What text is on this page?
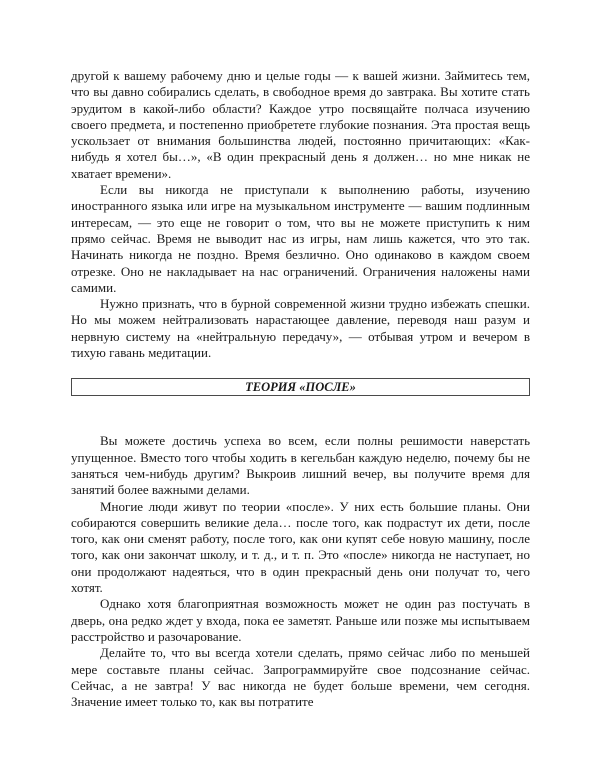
другой к вашему рабочему дню и целые годы — к вашей жизни. Займитесь тем, что вы давно собирались сделать, в свободное время до завтрака. Вы хотите стать эрудитом в какой-либо области? Каждое утро посвящайте полчаса изучению своего предмета, и постепенно приобретете глубокие познания. Эта простая вещь ускользает от внимания большинства людей, постоянно причитающих: «Как-нибудь я хотел бы…», «В один прекрасный день я должен… но мне никак не хватает времени».

Если вы никогда не приступали к выполнению работы, изучению иностранного языка или игре на музыкальном инструменте — вашим подлинным интересам, — это еще не говорит о том, что вы не можете приступить к ним прямо сейчас. Время не выводит нас из игры, нам лишь кажется, что это так. Начинать никогда не поздно. Время безлично. Оно одинаково в каждом своем отрезке. Оно не накладывает на нас ограничений. Ограничения наложены нами самими.

Нужно признать, что в бурной современной жизни трудно избежать спешки. Но мы можем нейтрализовать нарастающее давление, переводя наш разум и нервную систему на «нейтральную передачу», — отбывая утром и вечером в тихую гавань медитации.

ТЕОРИЯ «ПОСЛЕ»

Вы можете достичь успеха во всем, если полны решимости наверстать упущенное. Вместо того чтобы ходить в кегельбан каждую неделю, почему бы не заняться чем-нибудь другим? Выкроив лишний вечер, вы получите время для занятий более важными делами.

Многие люди живут по теории «после». У них есть большие планы. Они собираются совершить великие дела… после того, как подрастут их дети, после того, как они сменят работу, после того, как они купят себе новую машину, после того, как они закончат школу, и т. д., и т. п. Это «после» никогда не наступает, но они продолжают надеяться, что в один прекрасный день они получат то, чего хотят.

Однако хотя благоприятная возможность может не один раз постучать в дверь, она редко ждет у входа, пока ее заметят. Раньше или позже мы испытываем расстройство и разочарование.

Делайте то, что вы всегда хотели сделать, прямо сейчас либо по меньшей мере составьте планы сейчас. Запрограммируйте свое подсознание сейчас. Сейчас, а не завтра! У вас никогда не будет больше времени, чем сегодня. Значение имеет только то, как вы потратите
